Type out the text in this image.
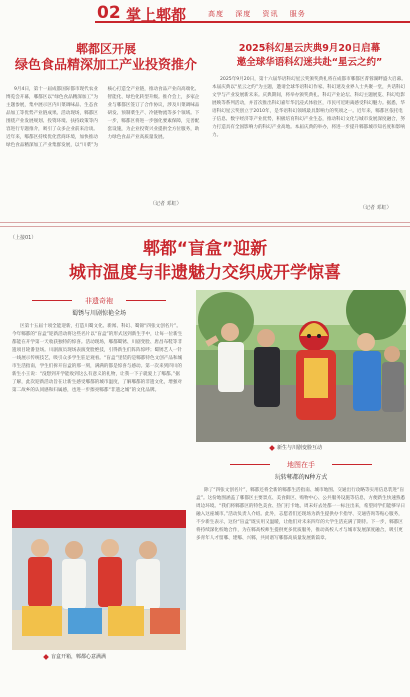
02 掌上郫都	高度 深度 资讯 服务
郫都区开展
绿色食品精深加工产业投资推介
9月4日，第十一届成都国际都市现代农业博览会开幕，郫都区以“绿色食品精深加工”为主题参展，集中展示区内川菜调味品、生态食品加工等优势产业链成果。活动现场，郫都区围绕产业发展规划、投资环境、扶持政策等内容进行专题推介，吸引了众多企业前来洽谈。近年来，郫都区持续优化营商环境，加快推动绿色食品精深加工产业集群发展，以“川菜”为核心打造全产业链，推动食品产业向高端化、智能化、绿色化转型升级。推介会上，多家企业与郫都区签订了合作协议，涉及川菜调味品研发、预制菜生产、冷链物流等多个领域。下一步，郫都区将进一步强化要素保障，完善配套设施，为企业投资兴业提供全方位服务，助力绿色食品产业高质量发展。
（记者 邓虹）
2025科幻星云庆典9月20日启幕
邀全球华语科幻迷共赴“星云之约”
2025年9月20日，第十六届华语科幻星云奖颁奖典礼将在成都市郫都区菁蓉湖畔盛大启幕。本届庆典以“星云之约”为主题，邀请全球华语科幻作家、科幻迷及业界人士共聚一堂，共话科幻文学与产业发展新未来。庆典期间，将举办颁奖典礼、科幻产业论坛、科幻主题展览、科幻电影展映等系列活动，并首次推出科幻嘉年华沉浸式体验区，市民可近距离感受科幻魅力。据悉，华语科幻星云奖创立于2010年，是华语科幻领域最具影响力的奖项之一。近年来，郫都区依托电子信息、数字经济等产业优势，积极培育科幻产业生态，推动科幻文化与城市发展深度融合，努力打造具有全国影响力的科幻产业高地。本届庆典的举办，将进一步提升郫都城市知名度和影响力。
（记者 邓虹）
（上接01）
郫都“盲盒”迎新
城市温度与非遗魅力交织成开学惊喜
非遗奇袍
蜀锈与川剧惊艳全场
区第十五届十项全能迎新，打造川蜀文化、新闻、科幻、蜀锦“四张文创名片”。今年郫都的“盲盒”迎新活动将这些名片以“盲盒”的形式送到新生手中，让每一位新生都能在开学第一天收获独特的惊喜。活动现场，郫都蜀锈、川剧变脸、唐昌布鞋等非遗项目轮番登场。川剧演员现场表演变脸绝技，引得新生们阵阵惊呼；蜀锈艺人一针一线展示传统技艺，吸引众多学生驻足观看。“盲盒”里装的是郫都特色文创产品和城市生活指南，学生们拆开盲盒的那一刻，满满的都是惊喜与感动。第一次来到四川的新生小王说：“没想到开学能收到这么有意义的礼物，让我一下子就爱上了郫都。”据了解，此次迎新活动旨在让新生感受郫都的城市温度，了解郫都的非遗文化，增强对第二故乡的认同感和归属感，也进一步擦亮郫都“非遗之城”的文化品牌。
新生与川剧变脸互动
地图在手
玩转郫都的N种方式
除了“四张文创名片”，郫都还将全新的郫都生活指南、城市地图、交通出行攻略等实用信息装进“盲盒”。这份地图涵盖了郫都区主要景点、美食街区、购物中心、公共服务设施等信息，方便新生快速熟悉周边环境。“我们将郫都区的特色美食、热门打卡地、周末好去处都一一标注出来，希望同学们能够早日融入这座城市。”活动负责人介绍。此外，志愿者们还现场为新生提供办卡指导、交通咨询等贴心服务，不少新生表示，这份“盲盒”既实用又温暖，让他们对未来四年的大学生活充满了期待。下一步，郫都区将持续深化校地合作，为在郫高校师生提供更多优质服务，推动高校人才与城市发展深度融合，吸引更多青年人才留郫、建郫、兴郫，共同谱写郫都高质量发展新篇章。
盲盒开箱，郫都心意满满
